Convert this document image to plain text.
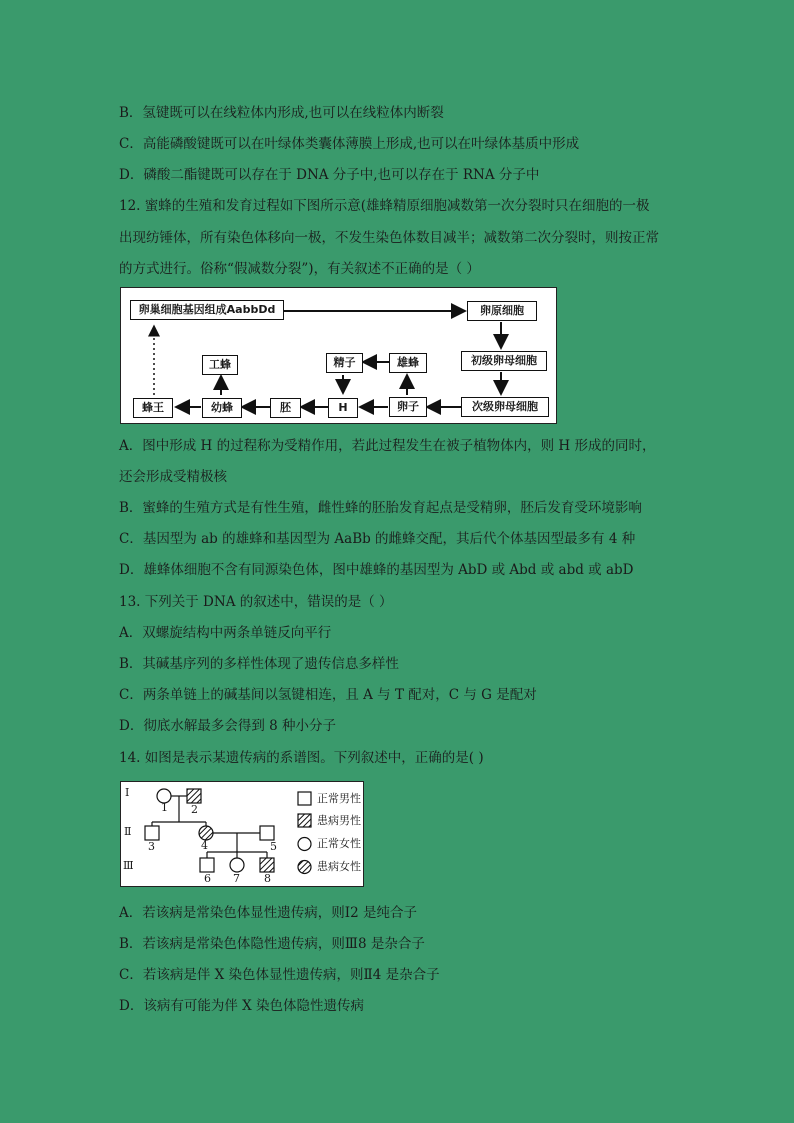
B．氢键既可以在线粒体内形成,也可以在线粒体内断裂
C．高能磷酸键既可以在叶绿体类囊体薄膜上形成,也可以在叶绿体基质中形成
D．磷酸二酯键既可以存在于 DNA 分子中,也可以存在于 RNA 分子中
12. 蜜蜂的生殖和发育过程如下图所示意(雄蜂精原细胞减数第一次分裂时只在细胞的一极
出现纺锤体，所有染色体移向一极，不发生染色体数目减半；减数第二次分裂时，则按正常
的方式进行。俗称“假减数分裂”)，有关叙述不正确的是（ ）
卵巢细胞基因组成AabbDd	卵原细胞
初级卵母细胞
次级卵母细胞
卵子
雄蜂
精子
H
胚
幼蜂
工蜂
蜂王
A．图中形成 H 的过程称为受精作用，若此过程发生在被子植物体内，则 H 形成的同时，
还会形成受精极核
B．蜜蜂的生殖方式是有性生殖，雌性蜂的胚胎发育起点是受精卵，胚后发育受环境影响
C．基因型为 ab 的雄蜂和基因型为 AaBb 的雌蜂交配，其后代个体基因型最多有 4 种
D．雄蜂体细胞不含有同源染色体，图中雄蜂的基因型为 AbD 或 Abd 或 abd 或 abD
13. 下列关于 DNA 的叙述中，错误的是（ ）
A．双螺旋结构中两条单链反向平行
B．其碱基序列的多样性体现了遗传信息多样性
C．两条单链上的碱基间以氢键相连，且 A 与 T 配对，C 与 G 是配对
D．彻底水解最多会得到 8 种小分子
14. 如图是表示某遗传病的系谱图。下列叙述中，正确的是( )
Ⅰ
Ⅱ
Ⅲ
1 2
3	4	5
6 7 8
正常男性
患病男性
正常女性
患病女性
A．若该病是常染色体显性遗传病，则Ⅰ2 是纯合子
B．若该病是常染色体隐性遗传病，则Ⅲ8 是杂合子
C．若该病是伴 X 染色体显性遗传病，则Ⅱ4 是杂合子
D．该病有可能为伴 X 染色体隐性遗传病
